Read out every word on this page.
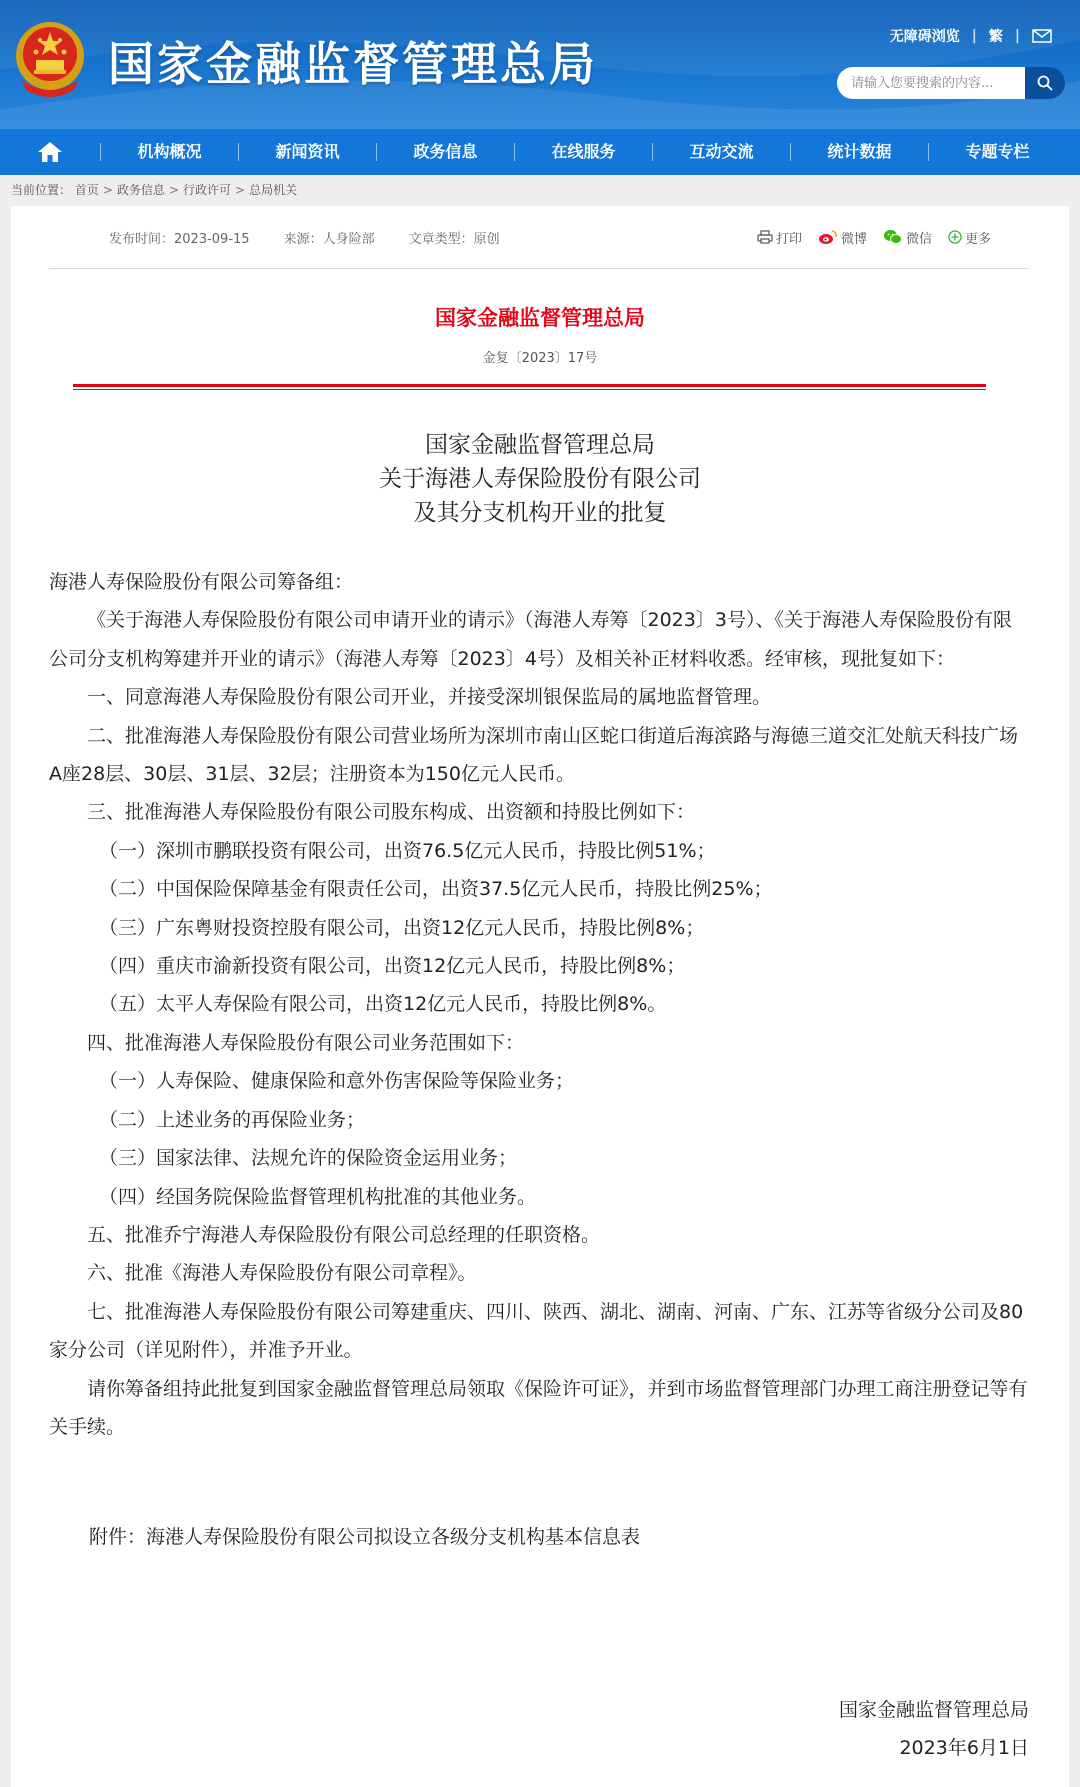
国家金融监督管理总局	无障碍浏览 | 繁 |
请输入您要搜索的内容...
机构概况	新闻资讯	政务信息	在线服务	互动交流	统计数据	专题专栏
当前位置： 首页 > 政务信息 > 行政许可 > 总局机关
发布时间：2023-09-15	来源：人身险部	文章类型：原创	打印	微博	微信	更多
国家金融监督管理总局
金复〔2023〕17号
国家金融监督管理总局
关于海港人寿保险股份有限公司
及其分支机构开业的批复

海港人寿保险股份有限公司筹备组：

《关于海港人寿保险股份有限公司申请开业的请示》（海港人寿筹〔2023〕3号）、《关于海港人寿保险股份有限公司分支机构筹建并开业的请示》（海港人寿筹〔2023〕4号）及相关补正材料收悉。经审核，现批复如下：

一、同意海港人寿保险股份有限公司开业，并接受深圳银保监局的属地监督管理。

二、批准海港人寿保险股份有限公司营业场所为深圳市南山区蛇口街道后海滨路与海德三道交汇处航天科技广场A座28层、30层、31层、32层；注册资本为150亿元人民币。

三、批准海港人寿保险股份有限公司股东构成、出资额和持股比例如下：

（一）深圳市鹏联投资有限公司，出资76.5亿元人民币，持股比例51%；

（二）中国保险保障基金有限责任公司，出资37.5亿元人民币，持股比例25%；

（三）广东粤财投资控股有限公司，出资12亿元人民币，持股比例8%；

（四）重庆市渝新投资有限公司，出资12亿元人民币，持股比例8%；

（五）太平人寿保险有限公司，出资12亿元人民币，持股比例8%。

四、批准海港人寿保险股份有限公司业务范围如下：

（一）人寿保险、健康保险和意外伤害保险等保险业务；

（二）上述业务的再保险业务；

（三）国家法律、法规允许的保险资金运用业务；

（四）经国务院保险监督管理机构批准的其他业务。

五、批准乔宁海港人寿保险股份有限公司总经理的任职资格。

六、批准《海港人寿保险股份有限公司章程》。

七、批准海港人寿保险股份有限公司筹建重庆、四川、陕西、湖北、湖南、河南、广东、江苏等省级分公司及80家分公司（详见附件），并准予开业。

请你筹备组持此批复到国家金融监督管理总局领取《保险许可证》，并到市场监督管理部门办理工商注册登记等有关手续。

附件：海港人寿保险股份有限公司拟设立各级分支机构基本信息表
国家金融监督管理总局
2023年6月1日
